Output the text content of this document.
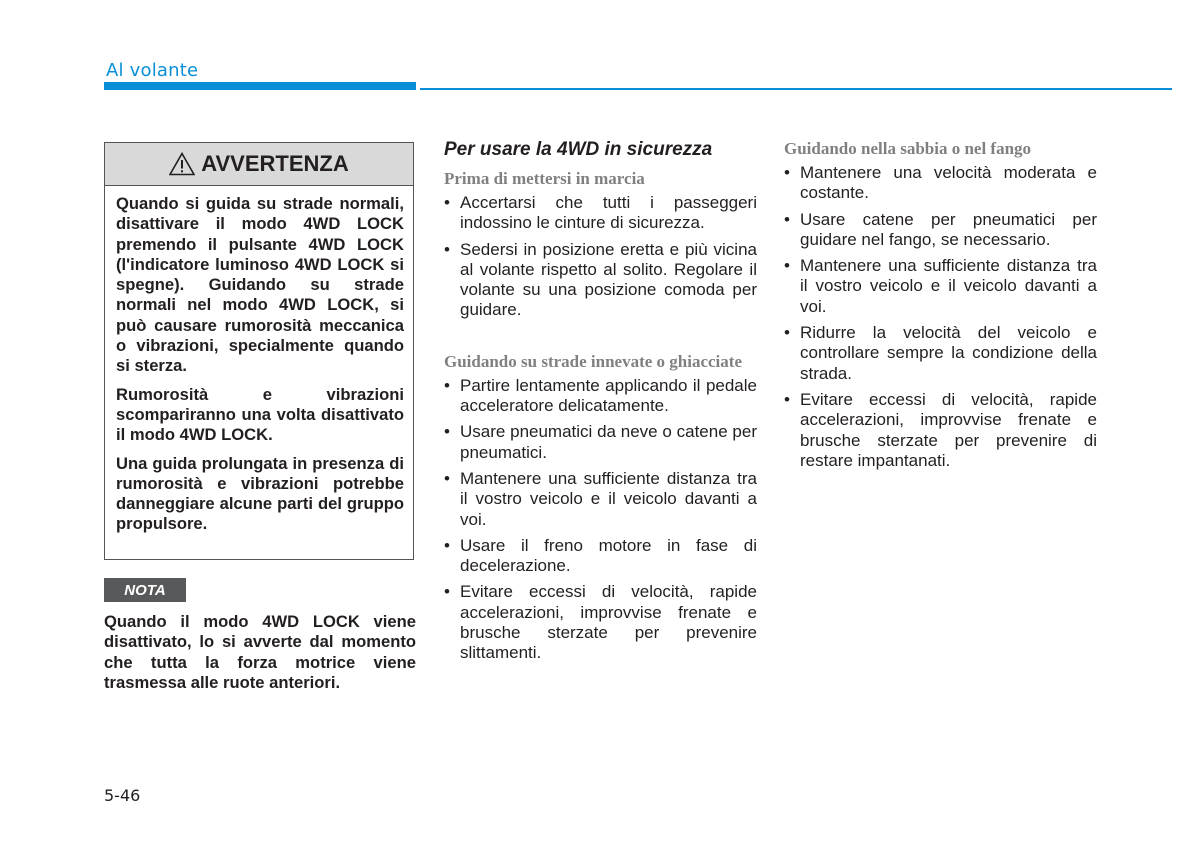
Al volante
AVVERTENZA

Quando si guida su strade normali, disattivare il modo 4WD LOCK premendo il pulsante 4WD LOCK (l'indicatore luminoso 4WD LOCK si spegne). Guidando su strade normali nel modo 4WD LOCK, si può causare rumorosità meccanica o vibrazioni, specialmente quando si sterza.

Rumorosità e vibrazioni scompariranno una volta disattivato il modo 4WD LOCK.

Una guida prolungata in presenza di rumorosità e vibrazioni potrebbe danneggiare alcune parti del gruppo propulsore.

NOTA

Quando il modo 4WD LOCK viene disattivato, lo si avverte dal momento che tutta la forza motrice viene trasmessa alle ruote anteriori.

Per usare la 4WD in sicurezza
Prima di mettersi in marcia
• Accertarsi che tutti i passeggeri indossino le cinture di sicurezza.
• Sedersi in posizione eretta e più vicina al volante rispetto al solito. Regolare il volante su una posizione comoda per guidare.
Guidando su strade innevate o ghiacciate
• Partire lentamente applicando il pedale acceleratore delicatamente.
• Usare pneumatici da neve o catene per pneumatici.
• Mantenere una sufficiente distanza tra il vostro veicolo e il veicolo davanti a voi.
• Usare il freno motore in fase di decelerazione.
• Evitare eccessi di velocità, rapide accelerazioni, improvvise frenate e brusche sterzate per prevenire slittamenti.
Guidando nella sabbia o nel fango
• Mantenere una velocità moderata e costante.
• Usare catene per pneumatici per guidare nel fango, se necessario.
• Mantenere una sufficiente distanza tra il vostro veicolo e il veicolo davanti a voi.
• Ridurre la velocità del veicolo e controllare sempre la condizione della strada.
• Evitare eccessi di velocità, rapide accelerazioni, improvvise frenate e brusche sterzate per prevenire di restare impantanati.
5-46
